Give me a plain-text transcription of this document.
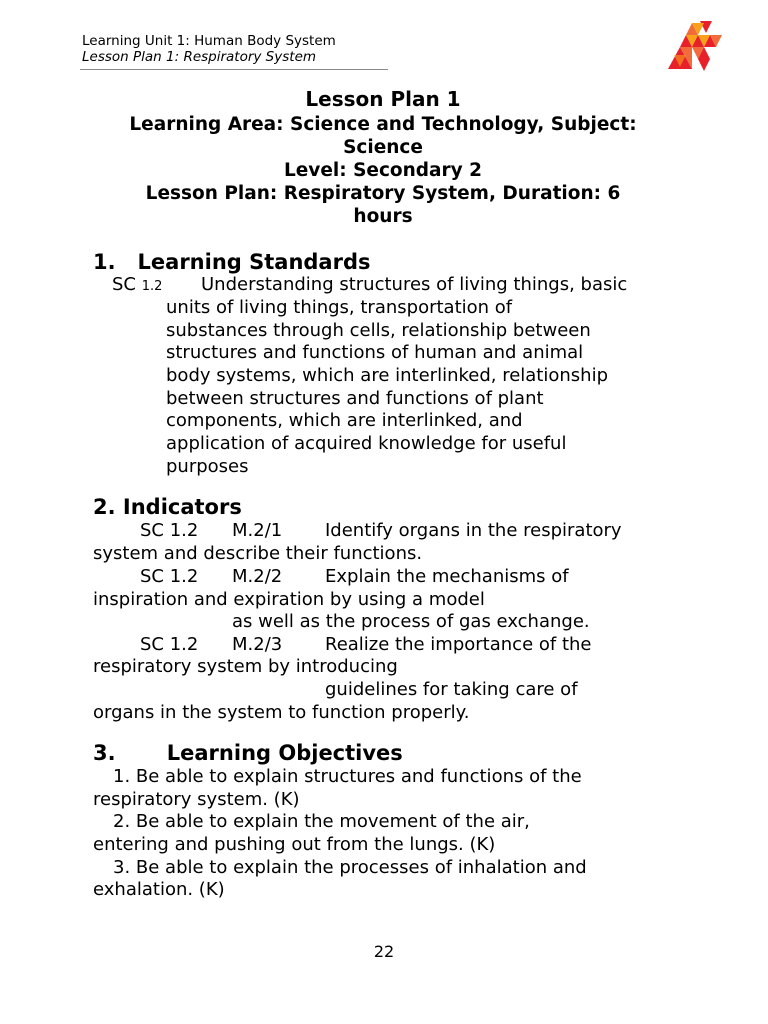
Learning Unit 1: Human Body System
Lesson Plan 1: Respiratory System
Lesson Plan 1
Learning Area: Science and Technology, Subject:
Science
Level: Secondary 2
Lesson Plan: Respiratory System, Duration: 6
hours
1.   Learning Standards
SC 1.2 Understanding structures of living things, basic
units of living things, transportation of
substances through cells, relationship between
structures and functions of human and animal
body systems, which are interlinked, relationship
between structures and functions of plant
components, which are interlinked, and
application of acquired knowledge for useful
purposes
2. Indicators
SC 1.2 M.2/1 Identify organs in the respiratory
system and describe their functions.
SC 1.2 M.2/2 Explain the mechanisms of
inspiration and expiration by using a model
as well as the process of gas exchange.
SC 1.2 M.2/3 Realize the importance of the
respiratory system by introducing
guidelines for taking care of
organs in the system to function properly.
3.       Learning Objectives
1. Be able to explain structures and functions of the
respiratory system. (K)
2. Be able to explain the movement of the air,
entering and pushing out from the lungs. (K)
3. Be able to explain the processes of inhalation and
exhalation. (K)
22
